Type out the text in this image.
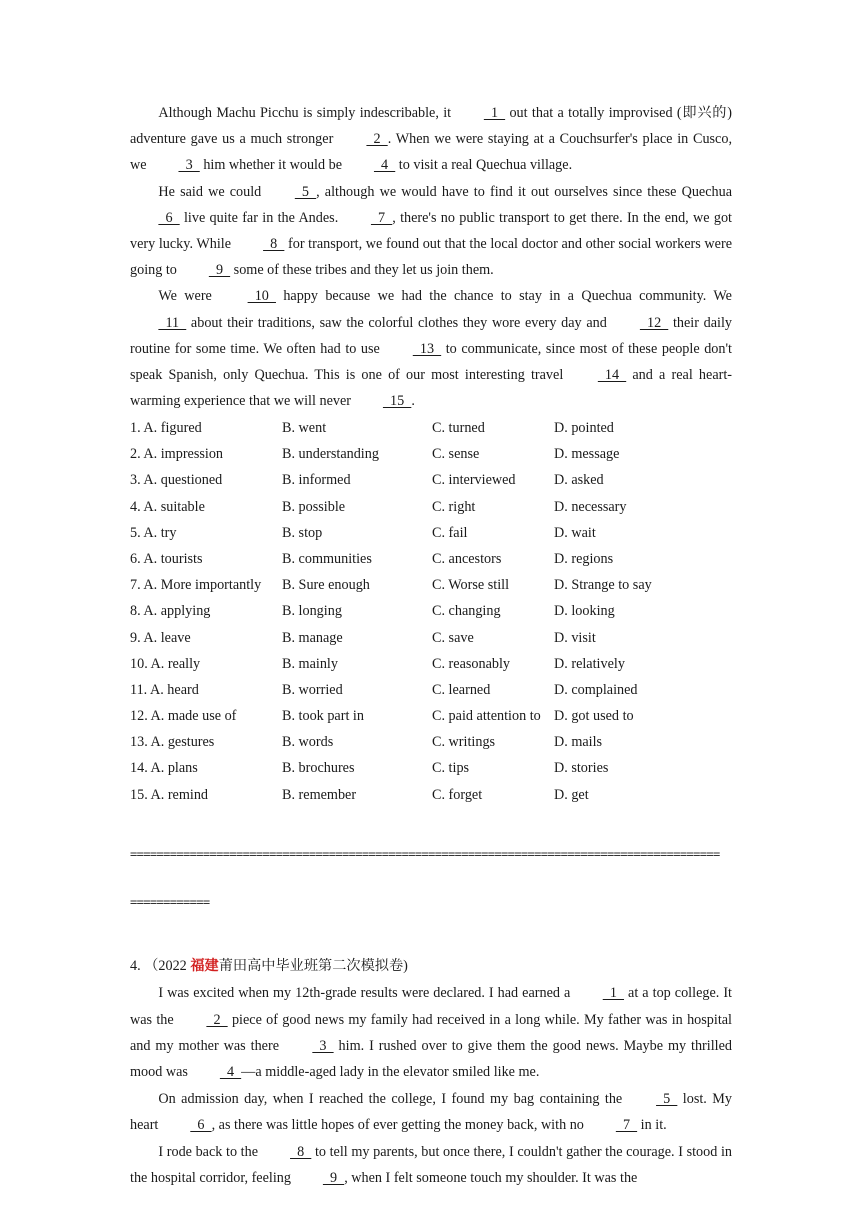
Although Machu Picchu is simply indescribable, it   1   out that a totally improvised (即兴的) adventure gave us a much stronger   2  . When we were staying at a Couchsurfer's place in Cusco, we   3   him whether it would be   4   to visit a real Quechua village.

He said we could   5  , although we would have to find it out ourselves since these Quechua   6   live quite far in the Andes.   7  , there's no public transport to get there. In the end, we got very lucky. While   8   for transport, we found out that the local doctor and other social workers were going to   9   some of these tribes and they let us join them.

We were   10   happy because we had the chance to stay in a Quechua community. We   11   about their traditions, saw the colorful clothes they wore every day and   12   their daily routine for some time. We often had to use   13   to communicate, since most of these people don't speak Spanish, only Quechua. This is one of our most interesting travel   14   and a real heart-warming experience that we will never   15  .

1. A. figured	B. went	C. turned	D. pointed
2. A. impression	B. understanding	C. sense	D. message
3. A. questioned	B. informed	C. interviewed	D. asked
4. A. suitable	B. possible	C. right	D. necessary
5. A. try	B. stop	C. fail	D. wait
6. A. tourists	B. communities	C. ancestors	D. regions
7. A. More importantly	B. Sure enough	C. Worse still	D. Strange to say
8. A. applying	B. longing	C. changing	D. looking
9. A. leave	B. manage	C. save	D. visit
10. A. really	B. mainly	C. reasonably	D. relatively
11. A. heard	B. worried	C. learned	D. complained
12. A. made use of	B. took part in	C. paid attention to	D. got used to
13. A. gestures	B. words	C. writings	D. mails
14. A. plans	B. brochures	C. tips	D. stories
15. A. remind	B. remember	C. forget	D. get

=========================================================================================

============

4. （2022 福建莆田高中毕业班第二次模拟卷)

I was excited when my 12th-grade results were declared. I had earned a   1   at a top college. It was the   2   piece of good news my family had received in a long while. My father was in hospital and my mother was there   3   him. I rushed over to give them the good news. Maybe my thrilled mood was   4  —a middle-aged lady in the elevator smiled like me.

On admission day, when I reached the college, I found my bag containing the   5   lost. My heart   6  , as there was little hopes of ever getting the money back, with no   7   in it.

I rode back to the   8   to tell my parents, but once there, I couldn't gather the courage. I stood in the hospital corridor, feeling   9  , when I felt someone touch my shoulder. It was the
